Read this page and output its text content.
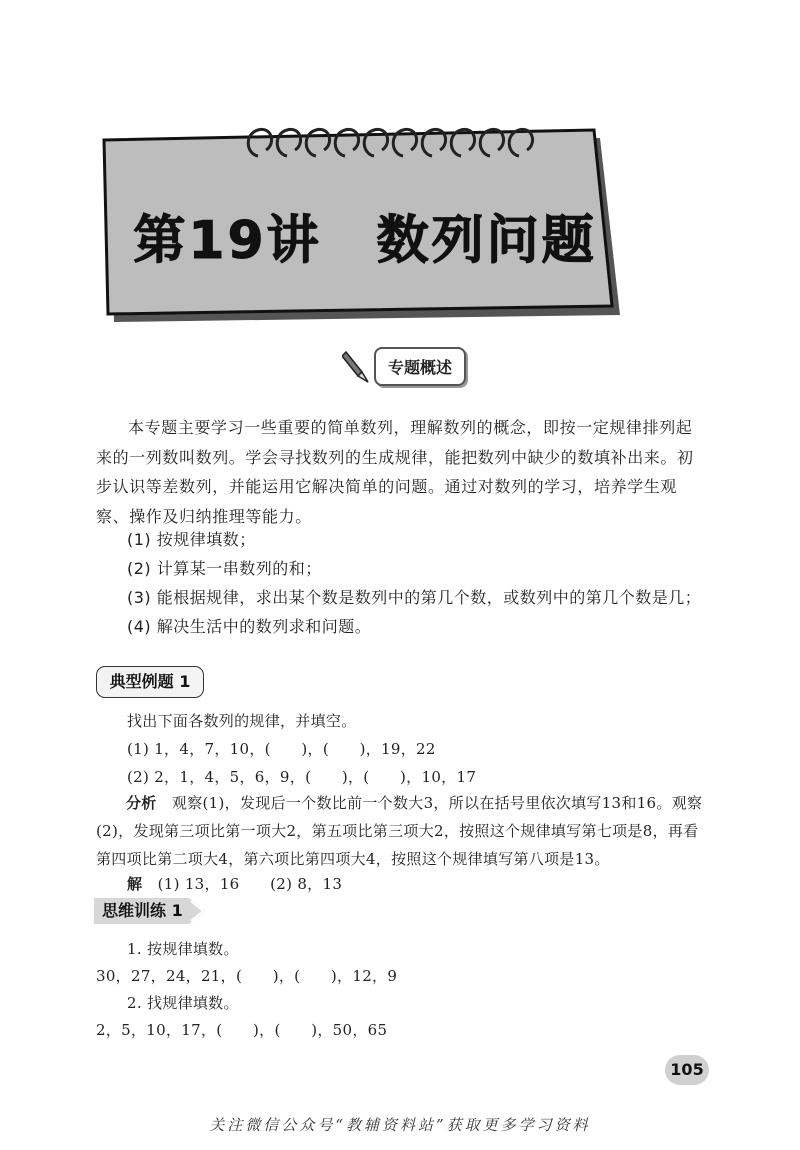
第19讲　数列问题
专题概述
本专题主要学习一些重要的简单数列，理解数列的概念，即按一定规律排列起来的一列数叫数列。学会寻找数列的生成规律，能把数列中缺少的数填补出来。初步认识等差数列，并能运用它解决简单的问题。通过对数列的学习，培养学生观察、操作及归纳推理等能力。
(1) 按规律填数；
(2) 计算某一串数列的和；
(3) 能根据规律，求出某个数是数列中的第几个数，或数列中的第几个数是几；
(4) 解决生活中的数列求和问题。
典型例题 1
找出下面各数列的规律，并填空。
(1) 1，4，7，10，(　　)，(　　)，19，22
(2) 2，1，4，5，6，9，(　　)，(　　)，10，17
分析　 观察(1)，发现后一个数比前一个数大3，所以在括号里依次填写13和16。观察(2)，发现第三项比第一项大2，第五项比第三项大2，按照这个规律填写第七项是8，再看第四项比第二项大4，第六项比第四项大4，按照这个规律填写第八项是13。
解　 (1) 13，16　　(2) 8，13
思维训练 1
1. 按规律填数。
30，27，24，21，(　　)，(　　)，12，9
2. 找规律填数。
2，5，10，17，(　　)，(　　)，50，65
105
关注微信公众号“教辅资料站”获取更多学习资料
